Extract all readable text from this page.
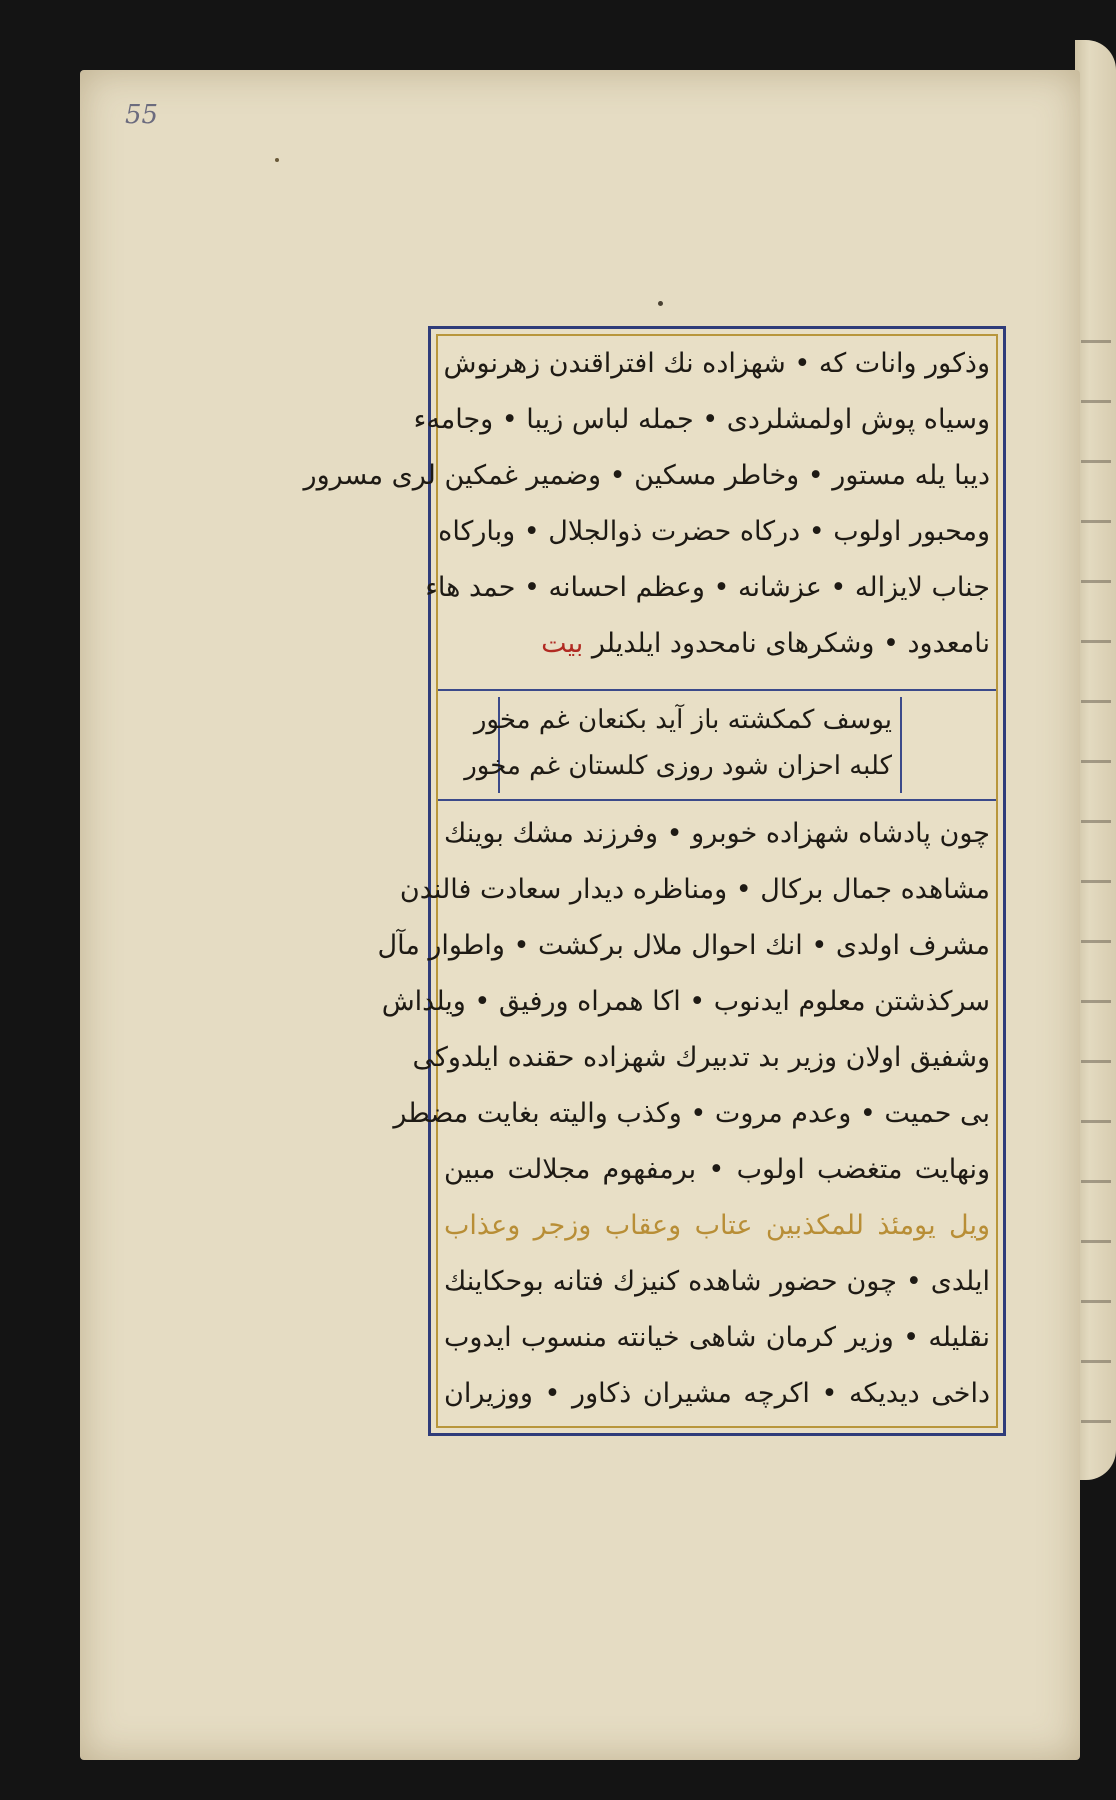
55
وذکور وانات کە • شهزادە نك افتراقندن زهرنوش
وسیاه پوش اولمشلردی • جملە لباس زیبا • وجامهء
دیبا یلە مستور • وخاطر مسکین • وضمیر غمکین لری مسرور
ومحبور اولوب • درکاه حضرت ذوالجلال • وبارکاه
جناب لایزالە • عزشانه • وعظم احسانە • حمد هاء
نامعدود • وشکرهای نامحدود ایلدیلر بیت
یوسف کمکشتە باز آید بکنعان غم مخور
کلبە احزان شود روزی کلستان غم مخور
چون پادشاه شهزادە خوبرو • وفرزند مشك بوینك
مشاهدە جمال برکال • ومناظرە دیدار سعادت فالندن
مشرف اولدی • انك احوال ملال برکشت • واطوار مآل
سرکذشتن معلوم ایدنوب • اکا همراه ورفیق • ویلداش
وشفیق اولان وزیر بد تدبیرك شهزادە حقندە ایلدوکی
بی حمیت • وعدم مروت • وکذب والیتە بغایت مضطر
ونهایت متغضب اولوب • برمفهوم مجلالت مبین
ویل یومئذ للمکذبین عتاب وعقاب وزجر وعذاب
ایلدی • چون حضور شاهدە کنیزك فتانە بوحکاینك
نقلیلە • وزیر کرمان شاهی خیانتە منسوب ایدوب
داخی دیدیکە • اکرچە مشیران ذکاور • ووزیران
